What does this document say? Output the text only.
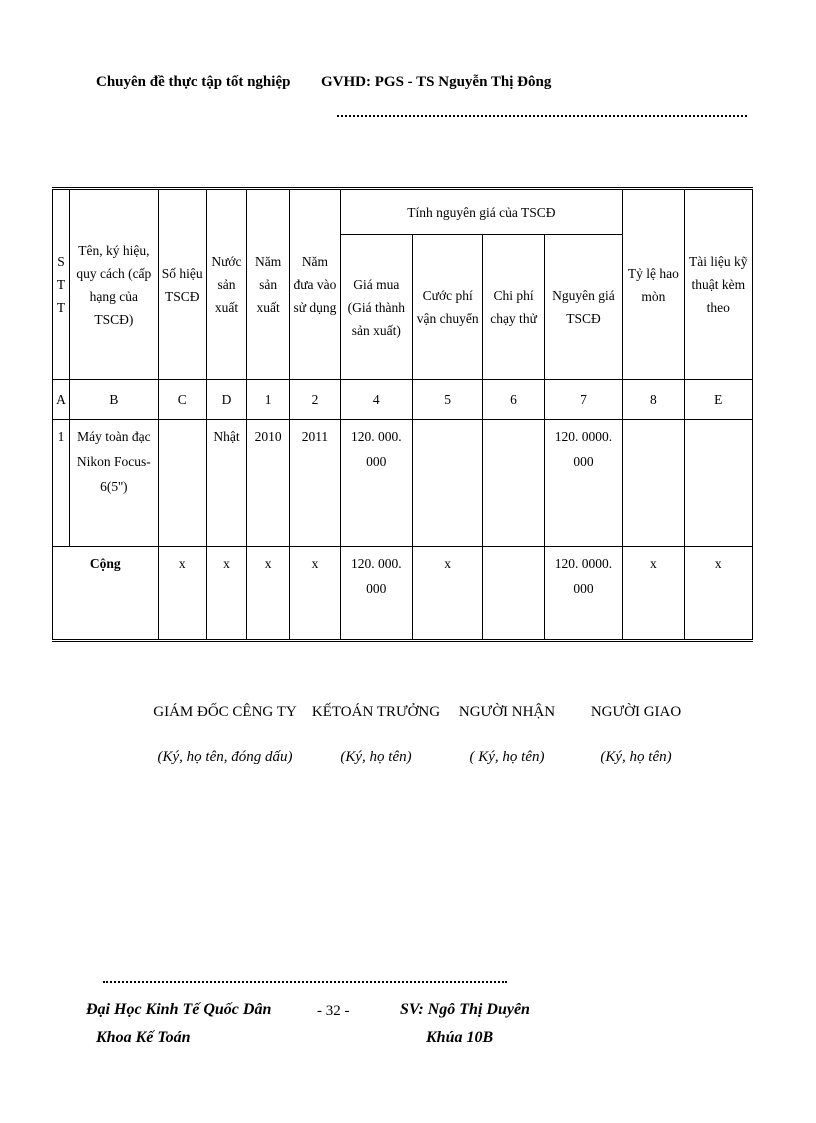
Chuyên đề thực tập tốt nghiệp GVHD: PGS - TS Nguyễn Thị Đông
S T T	Tên, ký hiệu, quy cách (cấp hạng của TSCĐ)	Số hiệu TSCĐ	Nước sản xuất	Năm sản xuất	Năm đưa vào sử dụng	Tính nguyên giá của TSCĐ				Tỷ lệ hao mòn	Tài liệu kỹ thuật kèm theo
						Giá mua (Giá thành sản xuất)	Cước phí vận chuyển	Chi phí chạy thử	Nguyên giá TSCĐ		
A	B	C	D	1	2	4	5	6	7	8	E
1	Máy toàn đạc Nikon Focus-6(5'')		Nhật	2010	2011	120. 000. 000			120. 0000. 000		
Cộng		x	x	x	x	120. 000. 000	x		120. 0000. 000	x	x
GIÁM ĐỐC CÊNG TY KẾTOÁN TRƯỞNG NGƯỜI NHẬN NGƯỜI GIAO
(Ký, họ tên, đóng dấu)	(Ký, họ tên)	( Ký, họ tên)	(Ký, họ tên)
Đại Học Kinh Tế Quốc Dân
Khoa Kế Toán
- 32 -	SV: Ngô Thị Duyên
Khúa 10B
